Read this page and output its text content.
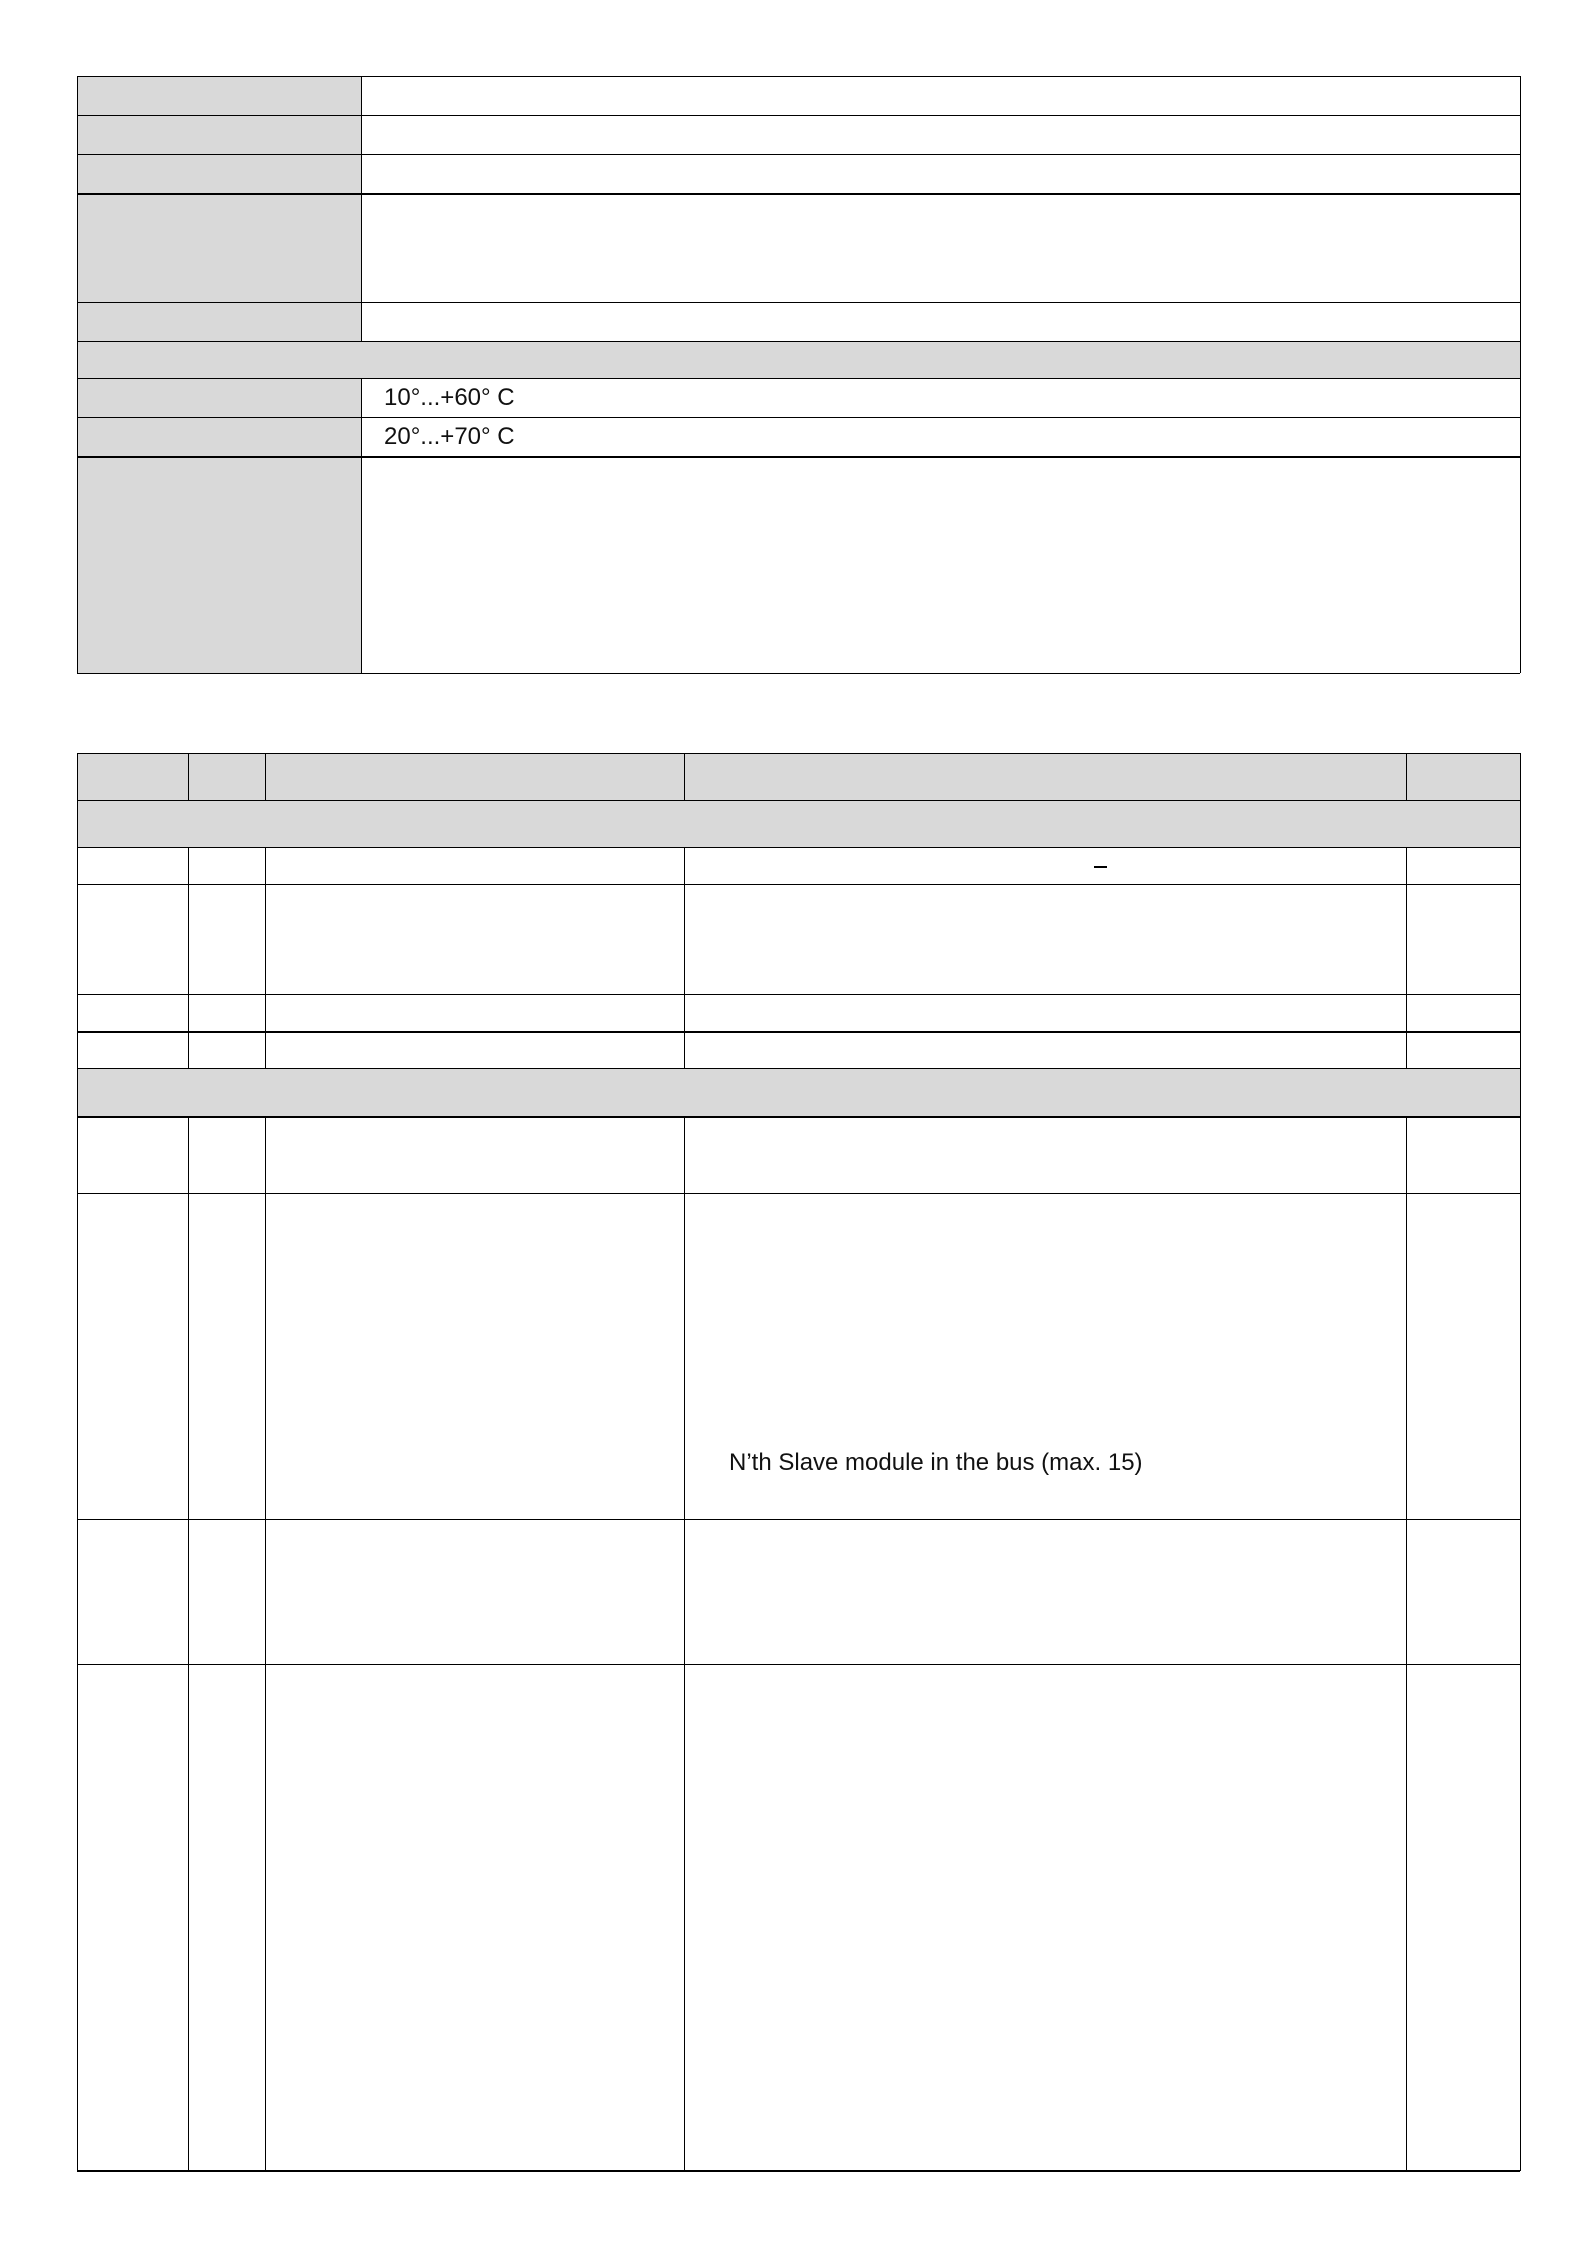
10°...+60° C
20°...+70° C
N’th Slave module in the bus (max. 15)
